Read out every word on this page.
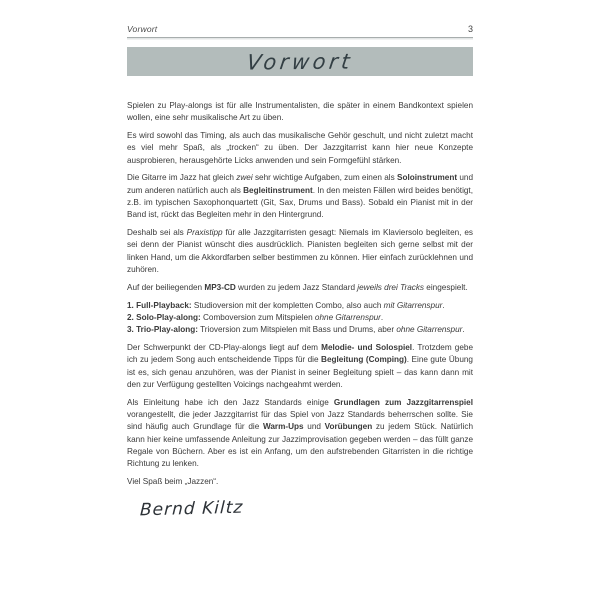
Vorwort	3
Vorwort

Spielen zu Play-alongs ist für alle Instrumentalisten, die später in einem Bandkontext spielen wollen, eine sehr musikalische Art zu üben.

Es wird sowohl das Timing, als auch das musikalische Gehör geschult, und nicht zuletzt macht es viel mehr Spaß, als „trocken“ zu üben. Der Jazzgitarrist kann hier neue Konzepte ausprobieren, herausgehörte Licks anwenden und sein Formgefühl stärken.

Die Gitarre im Jazz hat gleich zwei sehr wichtige Aufgaben, zum einen als Soloinstrument und zum anderen natürlich auch als Begleitinstrument. In den meisten Fällen wird beides benötigt, z.B. im typischen Saxophonquartett (Git, Sax, Drums und Bass). Sobald ein Pianist mit in der Band ist, rückt das Begleiten mehr in den Hintergrund.

Deshalb sei als Praxistipp für alle Jazzgitarristen gesagt: Niemals im Klaviersolo begleiten, es sei denn der Pianist wünscht dies ausdrücklich. Pianisten begleiten sich gerne selbst mit der linken Hand, um die Akkordfarben selber bestimmen zu können. Hier einfach zurücklehnen und zuhören.

Auf der beiliegenden MP3-CD wurden zu jedem Jazz Standard jeweils drei Tracks eingespielt.

1. Full-Playback: Studioversion mit der kompletten Combo, also auch mit Gitarrenspur.

2. Solo-Play-along: Comboversion zum Mitspielen ohne Gitarrenspur.

3. Trio-Play-along: Trioversion zum Mitspielen mit Bass und Drums, aber ohne Gitarrenspur.

Der Schwerpunkt der CD-Play-alongs liegt auf dem Melodie- und Solospiel. Trotzdem gebe ich zu jedem Song auch entscheidende Tipps für die Begleitung (Comping). Eine gute Übung ist es, sich genau anzuhören, was der Pianist in seiner Begleitung spielt – das kann dann mit den zur Verfügung gestellten Voicings nachgeahmt werden.

Als Einleitung habe ich den Jazz Standards einige Grundlagen zum Jazzgitarrenspiel vorangestellt, die jeder Jazzgitarrist für das Spiel von Jazz Standards beherrschen sollte. Sie sind häufig auch Grundlage für die Warm-Ups und Vorübungen zu jedem Stück. Natürlich kann hier keine umfassende Anleitung zur Jazzimprovisation gegeben werden – das füllt ganze Regale von Büchern. Aber es ist ein Anfang, um den aufstrebenden Gitarristen in die richtige Richtung zu lenken.

Viel Spaß beim „Jazzen“.

Bernd Kiltz
